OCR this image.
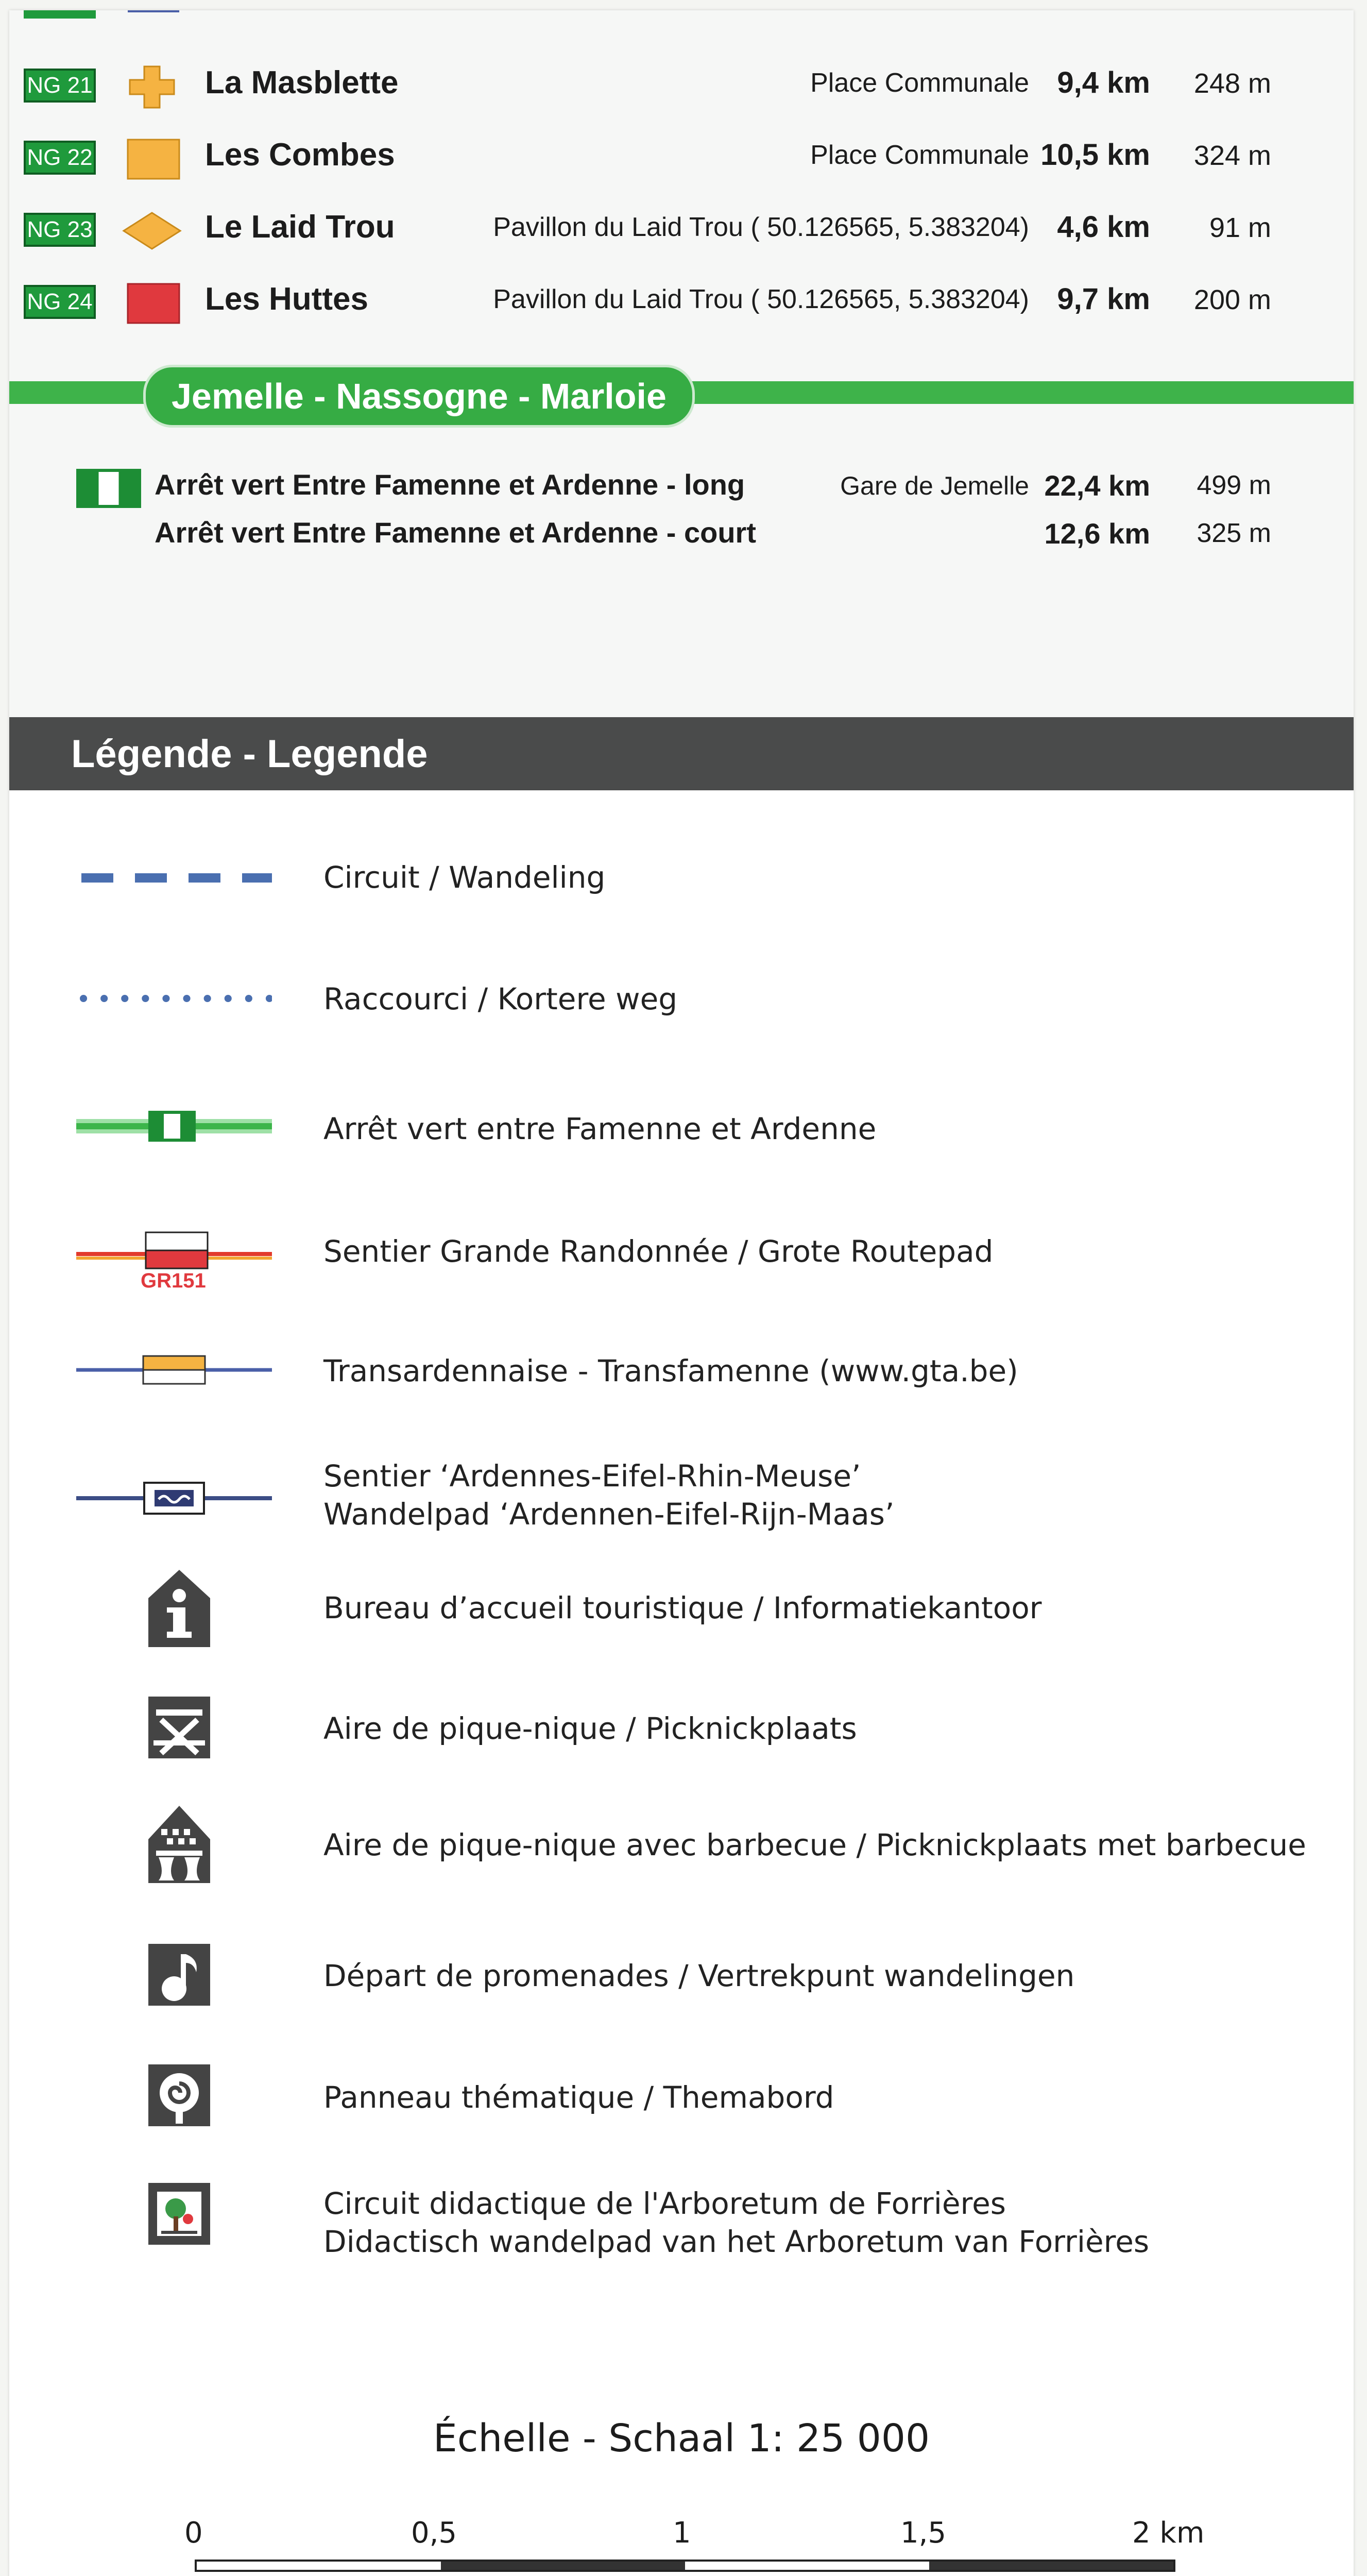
NG 21	La Masblette	Place Communale 9,4 km 248 m
NG 22	Les Combes	Place Communale 10,5 km 324 m
NG 23	Le Laid Trou	Pavillon du Laid Trou ( 50.126565, 5.383204) 4,6 km 91 m
NG 24	Les Huttes	Pavillon du Laid Trou ( 50.126565, 5.383204) 9,7 km 200 m
Jemelle - Nassogne - Marloie
Arrêt vert Entre Famenne et Ardenne - long	Gare de Jemelle 22,4 km 499 m
Arrêt vert Entre Famenne et Ardenne - court	12,6 km 325 m
Légende - Legende
Circuit / Wandeling
Raccourci / Kortere weg
Arrêt vert entre Famenne et Ardenne
GR151
Sentier Grande Randonnée / Grote Routepad
Transardennaise - Transfamenne (www.gta.be)
Sentier ‘Ardennes-Eifel-Rhin-Meuse’
Wandelpad ‘Ardennen-Eifel-Rijn-Maas’
Bureau d’accueil touristique / Informatiekantoor
Aire de pique-nique / Picknickplaats
Aire de pique-nique avec barbecue / Picknickplaats met barbecue
Départ de promenades / Vertrekpunt wandelingen
Panneau thématique / Themabord
Circuit didactique de l'Arboretum de Forrières
Didactisch wandelpad van het Arboretum van Forrières
Échelle - Schaal 1: 25 000
0	0,5	1	1,5	2 km
